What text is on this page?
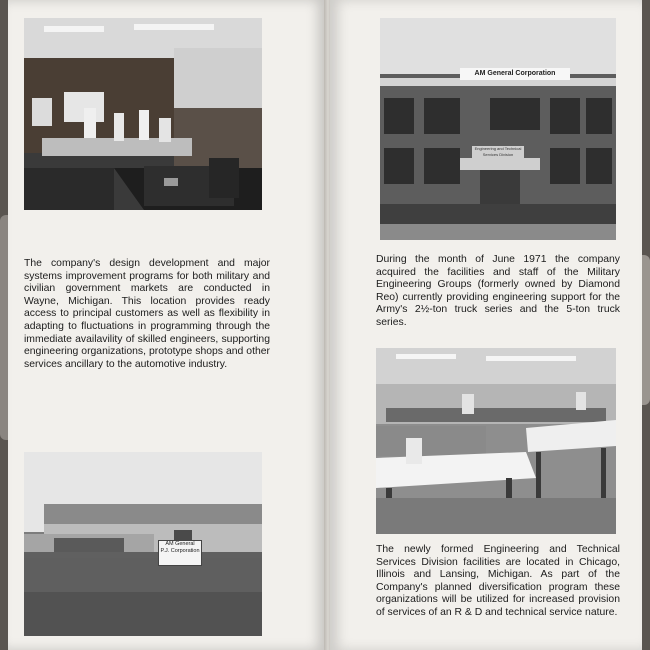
The company's design development and major systems improvement programs for both military and civilian government markets are conducted in Wayne, Michigan. This location provides ready access to principal customers as well as flexibility in adapting to fluctuations in programming through the immediate availavility of skilled engineers, supporting engineering organizations, prototype shops and other services ancillary to the automotive industry.

AM General
P.J. Corporation
AM General Corporation
Engineering and Technical Services Division

During the month of June 1971 the company acquired the facilities and staff of the Military Engineering Groups (formerly owned by Diamond Reo) currently providing engineering support for the Army's 2½-ton truck series and the 5-ton truck series.

The newly formed Engineering and Technical Services Division facilities are located in Chicago, Illinois and Lansing, Michigan. As part of the Company's planned diversification program these organizations will be utilized for increased provision of services of an R & D and technical service nature.
